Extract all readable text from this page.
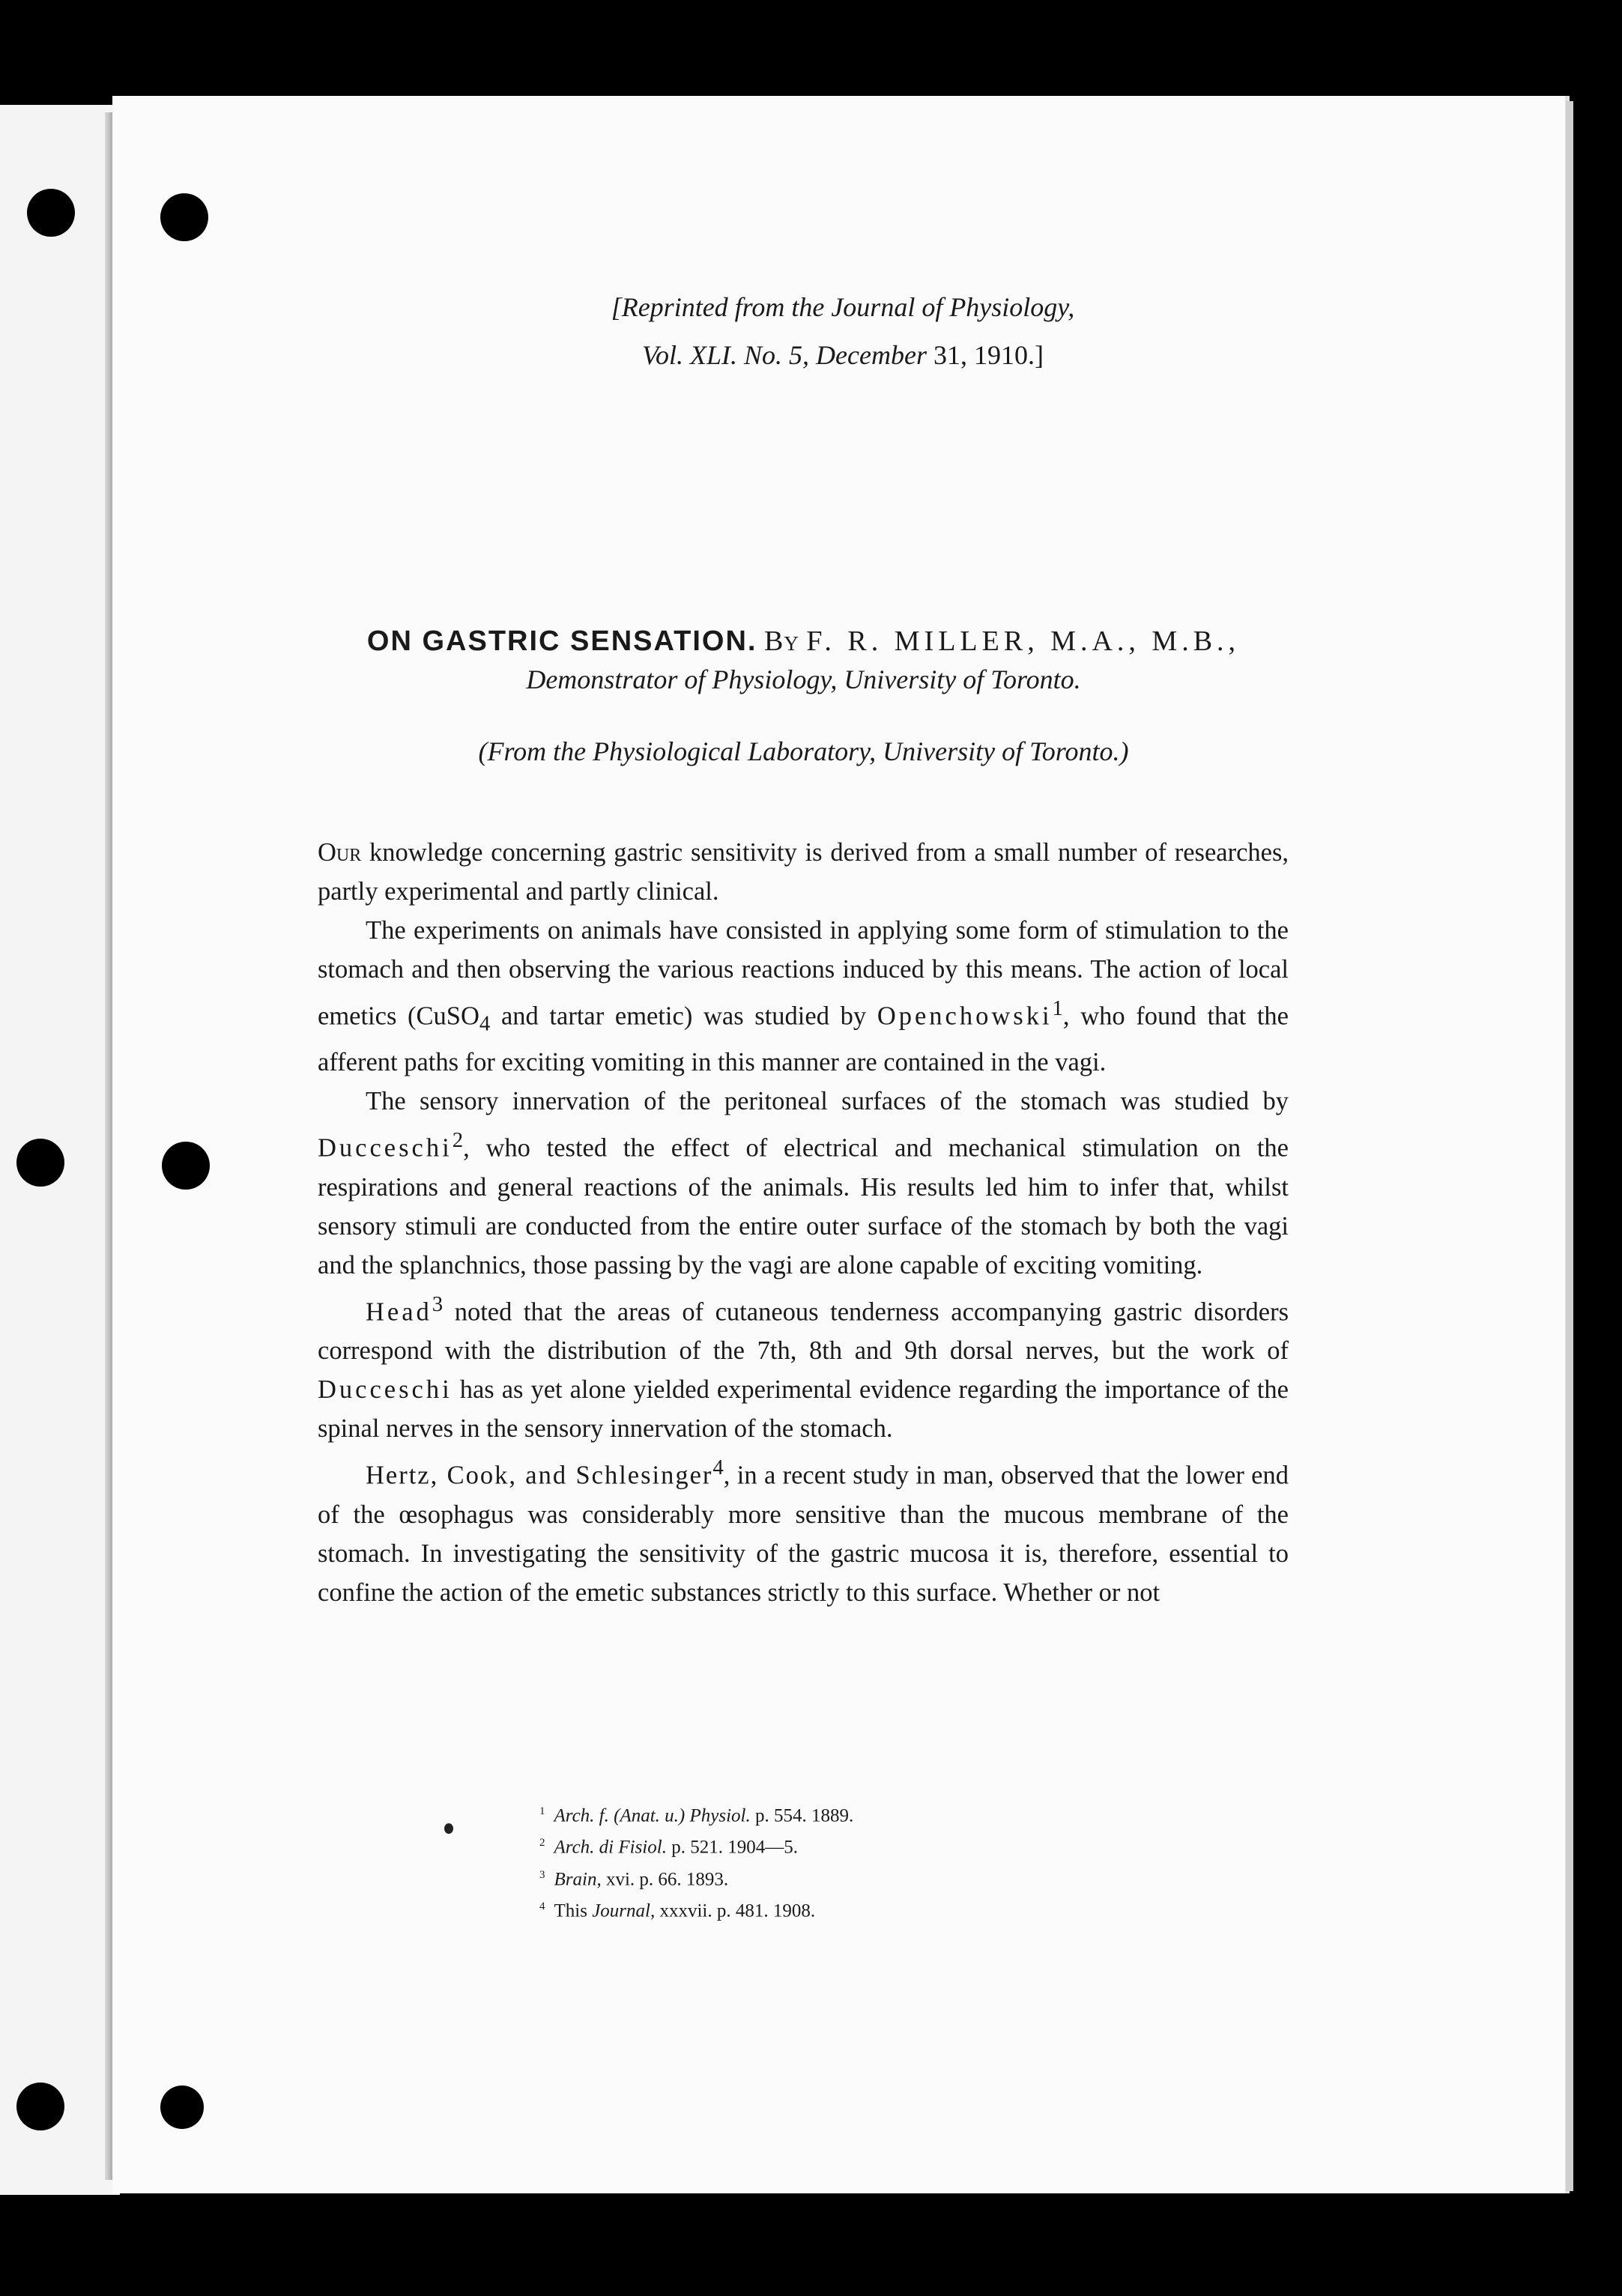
[Reprinted from the Journal of Physiology,
Vol. XLI. No. 5, December 31, 1910.]
ON GASTRIC SENSATION. By F. R. MILLER, M.A., M.B.,
Demonstrator of Physiology, University of Toronto.
(From the Physiological Laboratory, University of Toronto.)

Our knowledge concerning gastric sensitivity is derived from a small number of researches, partly experimental and partly clinical.

The experiments on animals have consisted in applying some form of stimulation to the stomach and then observing the various reactions induced by this means. The action of local emetics (CuSO$_4$ and tartar emetic) was studied by Openchowski$^1$, who found that the afferent paths for exciting vomiting in this manner are contained in the vagi.

The sensory innervation of the peritoneal surfaces of the stomach was studied by Ducceschi$^2$, who tested the effect of electrical and mechanical stimulation on the respirations and general reactions of the animals. His results led him to infer that, whilst sensory stimuli are conducted from the entire outer surface of the stomach by both the vagi and the splanchnics, those passing by the vagi are alone capable of exciting vomiting.

Head$^3$ noted that the areas of cutaneous tenderness accompanying gastric disorders correspond with the distribution of the 7th, 8th and 9th dorsal nerves, but the work of Ducceschi has as yet alone yielded experimental evidence regarding the importance of the spinal nerves in the sensory innervation of the stomach.

Hertz, Cook, and Schlesinger$^4$, in a recent study in man, observed that the lower end of the œsophagus was considerably more sensitive than the mucous membrane of the stomach. In investigating the sensitivity of the gastric mucosa it is, therefore, essential to confine the action of the emetic substances strictly to this surface. Whether or not

$^1$ Arch. f. (Anat. u.) Physiol. p. 554. 1889.
$^2$ Arch. di Fisiol. p. 521. 1904—5.
$^3$ Brain, xvi. p. 66. 1893.
$^4$ This Journal, xxxvii. p. 481. 1908.
